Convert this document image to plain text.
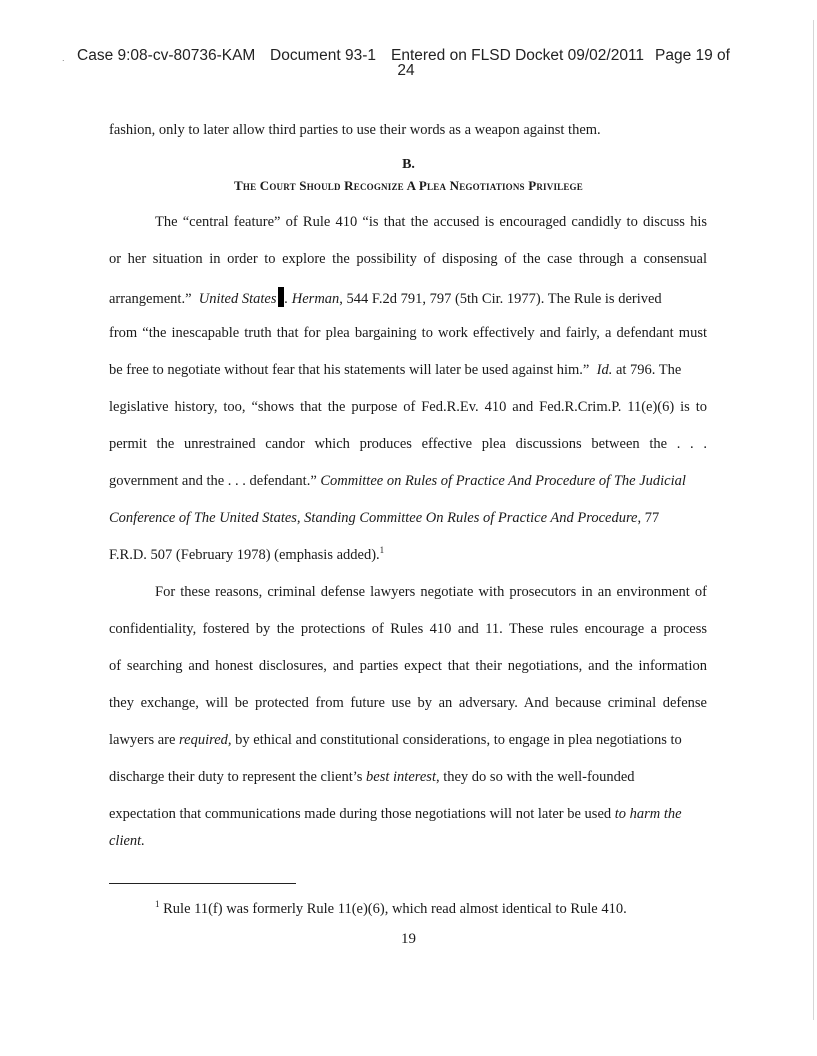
. Case 9:08-cv-80736-KAM Document 93-1 Entered on FLSD Docket 09/02/2011 Page 19 of
24
fashion, only to later allow third parties to use their words as a weapon against them.
B.
The Court Should Recognize A Plea Negotiations Privilege
The “central feature” of Rule 410 “is that the accused is encouraged candidly to discuss his
or her situation in order to explore the possibility of disposing of the case through a consensual
arrangement.” United States . Herman, 544 F.2d 791, 797 (5th Cir. 1977). The Rule is derived
from “the inescapable truth that for plea bargaining to work effectively and fairly, a defendant must
be free to negotiate without fear that his statements will later be used against him.” Id. at 796. The
legislative history, too, “shows that the purpose of Fed.R.Ev. 410 and Fed.R.Crim.P. 11(e)(6) is to
permit the unrestrained candor which produces effective plea discussions between the . . .
government and the . . . defendant.” Committee on Rules of Practice And Procedure of The Judicial
Conference of The United States, Standing Committee On Rules of Practice And Procedure, 77
F.R.D. 507 (February 1978) (emphasis added).$^1$
For these reasons, criminal defense lawyers negotiate with prosecutors in an environment of
confidentiality, fostered by the protections of Rules 410 and 11. These rules encourage a process
of searching and honest disclosures, and parties expect that their negotiations, and the information
they exchange, will be protected from future use by an adversary. And because criminal defense
lawyers are required, by ethical and constitutional considerations, to engage in plea negotiations to
discharge their duty to represent the client’s best interest, they do so with the well-founded
expectation that communications made during those negotiations will not later be used to harm the
client.
$^1$ Rule 11(f) was formerly Rule 11(e)(6), which read almost identical to Rule 410.
19
